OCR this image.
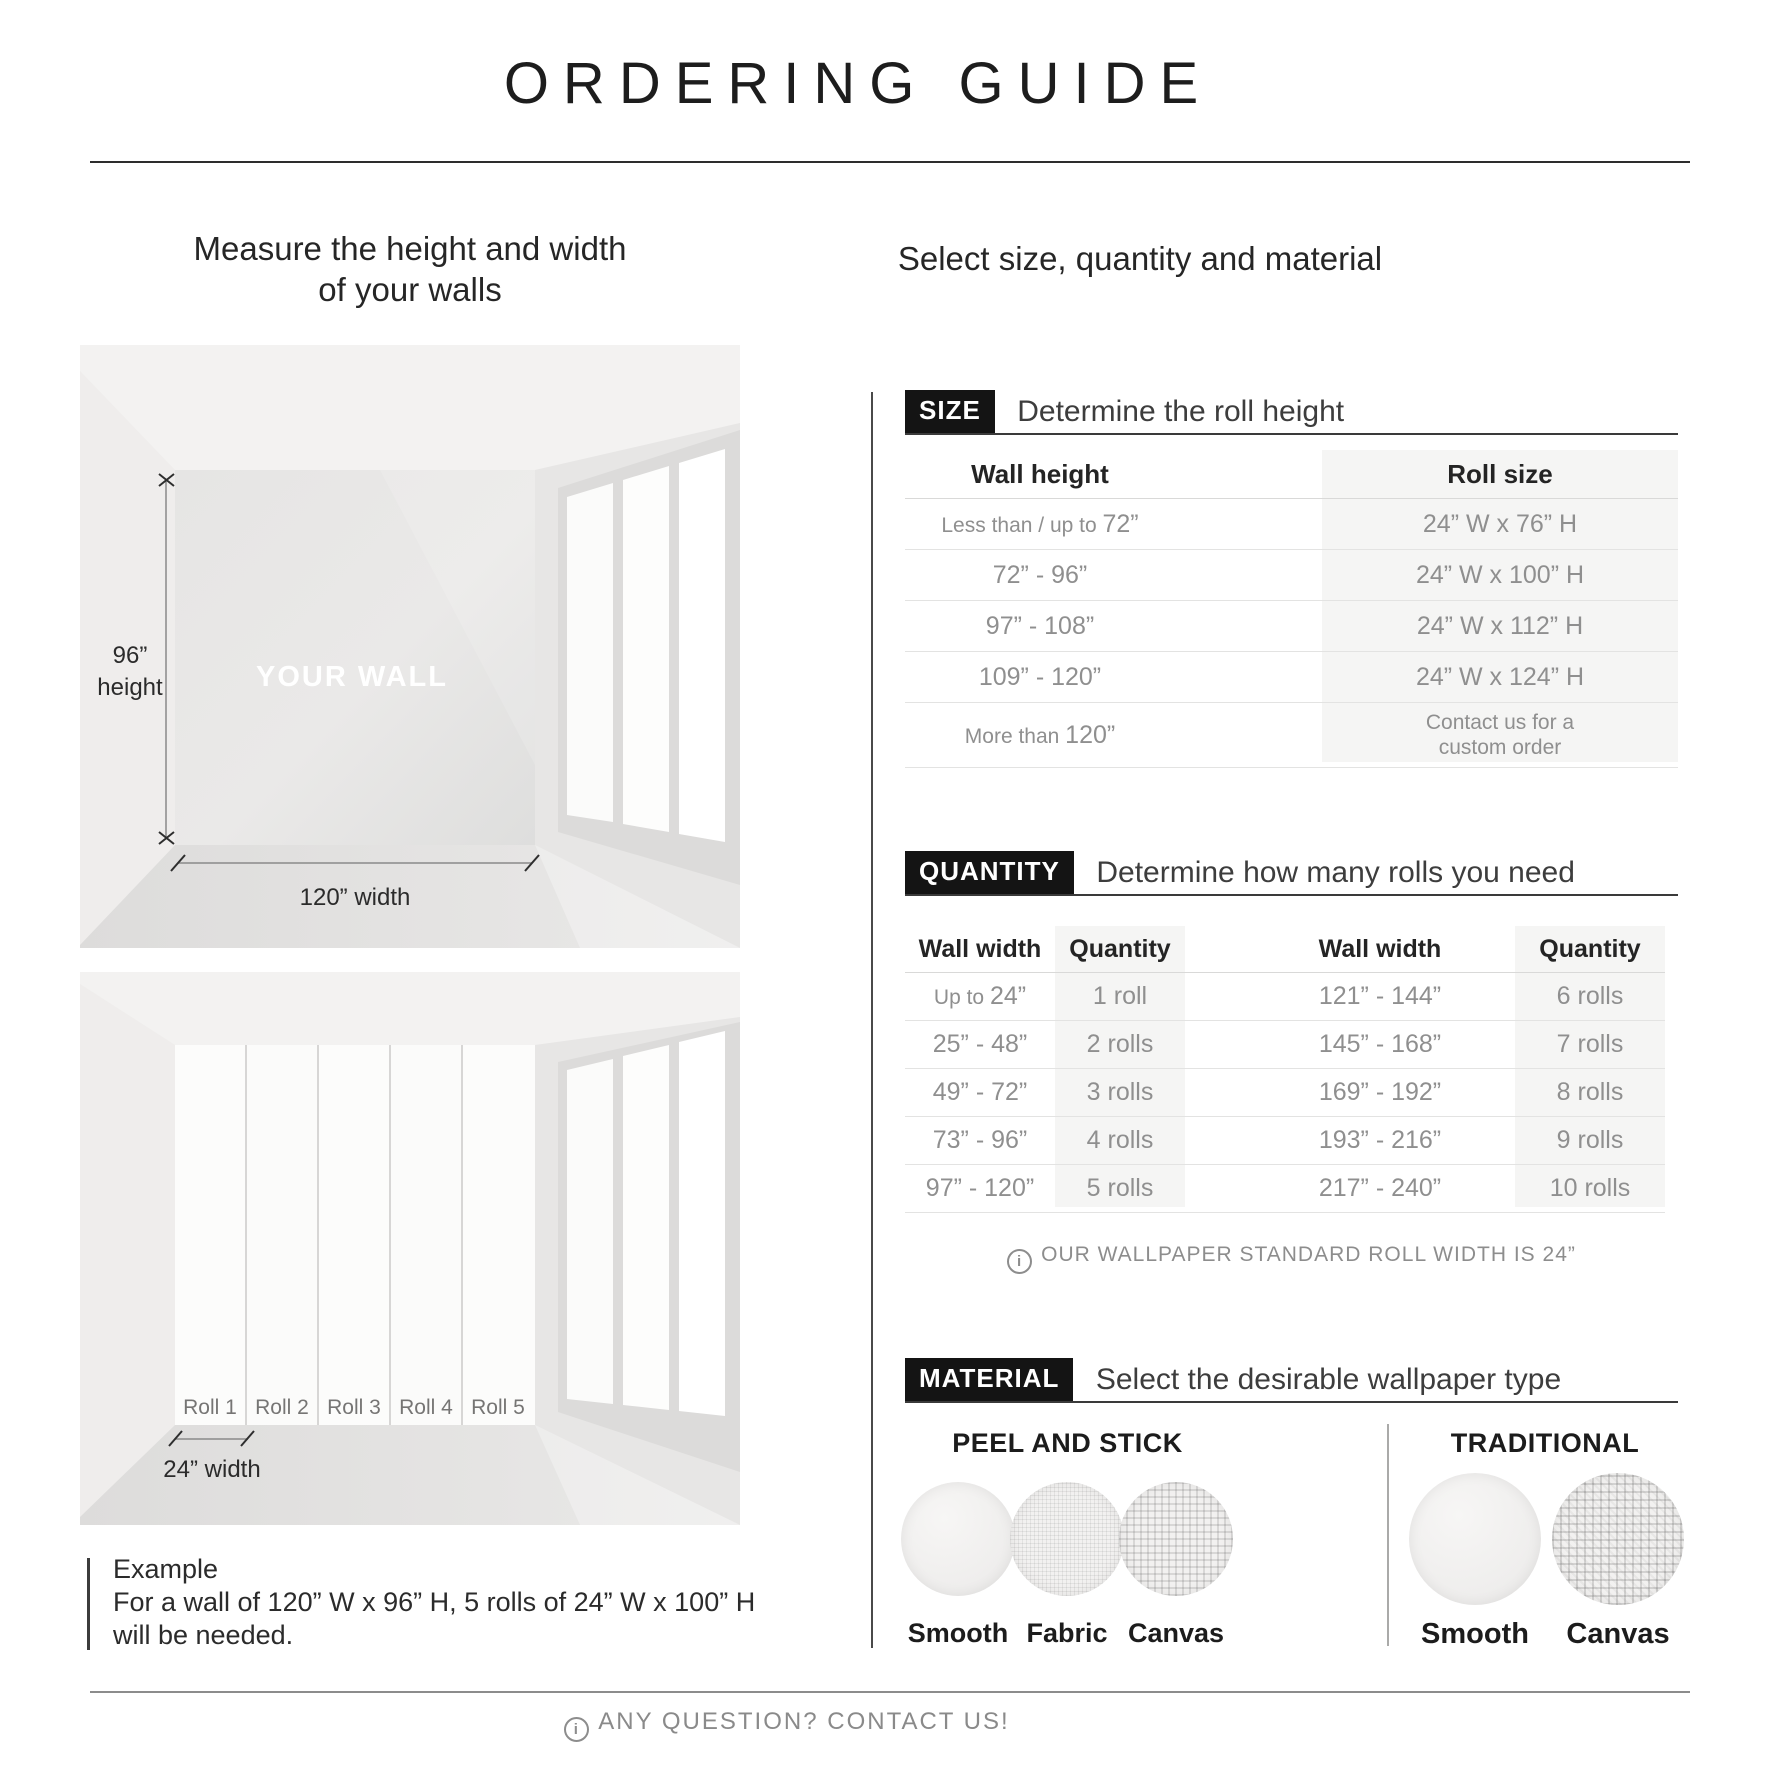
ORDERING GUIDE
Measure the height and width
of your walls
Select size, quantity and material
96”
height	YOUR WALL
120” width
Roll 1 Roll 2 Roll 3 Roll 4 Roll 5
24” width
Example
For a wall of 120” W x 96” H, 5 rolls of 24” W x 100” H
will be needed.
SIZE Determine the roll height
Wall height	Roll size
Less than / up to 72”	24” W x 76” H
72” - 96”	24” W x 100” H
97” - 108”	24” W x 112” H
109” - 120”	24” W x 124” H
More than 120”	Contact us for a custom order
QUANTITY Determine how many rolls you need
Wall width	Quantity	Wall width	Quantity
Up to 24”	1 roll	121” - 144”	6 rolls
25” - 48”	2 rolls	145” - 168”	7 rolls
49” - 72”	3 rolls	169” - 192”	8 rolls
73” - 96”	4 rolls	193” - 216”	9 rolls
97” - 120”	5 rolls	217” - 240”	10 rolls
iOUR WALLPAPER STANDARD ROLL WIDTH IS 24”
MATERIAL Select the desirable wallpaper type
PEEL AND STICK	TRADITIONAL
Smooth Fabric Canvas	Smooth	Canvas
iANY QUESTION? CONTACT US!
